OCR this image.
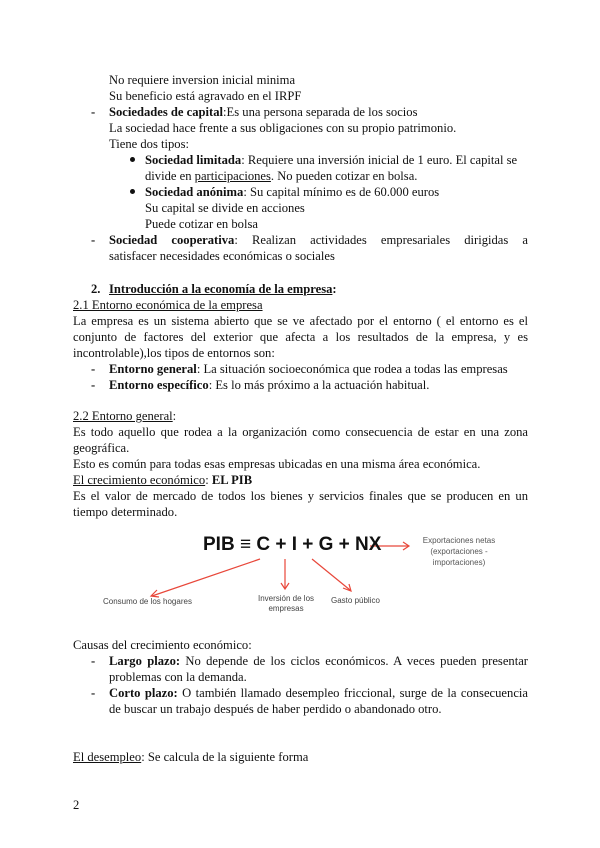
No requiere inversion inicial minima
Su beneficio está agravado en el IRPF
- Sociedades de capital:Es una persona separada de los socios
La sociedad hace frente a sus obligaciones con su propio patrimonio.
Tiene dos tipos:
Sociedad limitada: Requiere una inversión inicial de 1 euro. El capital se
divide en participaciones. No pueden cotizar en bolsa.
Sociedad anónima: Su capital mínimo es de 60.000 euros
Su capital se divide en acciones
Puede cotizar en bolsa
- Sociedad cooperativa: Realizan actividades empresariales dirigidas a
satisfacer necesidades económicas o sociales
2. Introducción a la economía de la empresa:
2.1 Entorno económica de la empresa
La empresa es un sistema abierto que se ve afectado por el entorno ( el entorno es el
conjunto de factores del exterior que afecta a los resultados de la empresa, y es
incontrolable),los tipos de entornos son:
- Entorno general: La situación socioeconómica que rodea a todas las empresas
- Entorno específico: Es lo más próximo a la actuación habitual.
2.2 Entorno general:
Es todo aquello que rodea a la organización como consecuencia de estar en una zona
geográfica.
Esto es común para todas esas empresas ubicadas en una misma área económica.
El crecimiento económico: EL PIB
Es el valor de mercado de todos los bienes y servicios finales que se producen en un
tiempo determinado.
PIB ≡ C + I + G + NX	Exportaciones netas
(exportaciones -
importaciones)
Consumo de los hogares	Inversión de los
empresas
Gasto público
Causas del crecimiento económico:
- Largo plazo: No depende de los ciclos económicos. A veces pueden presentar
problemas con la demanda.
- Corto plazo: O también llamado desempleo friccional, surge de la consecuencia
de buscar un trabajo después de haber perdido o abandonado otro.
El desempleo: Se calcula de la siguiente forma
2
